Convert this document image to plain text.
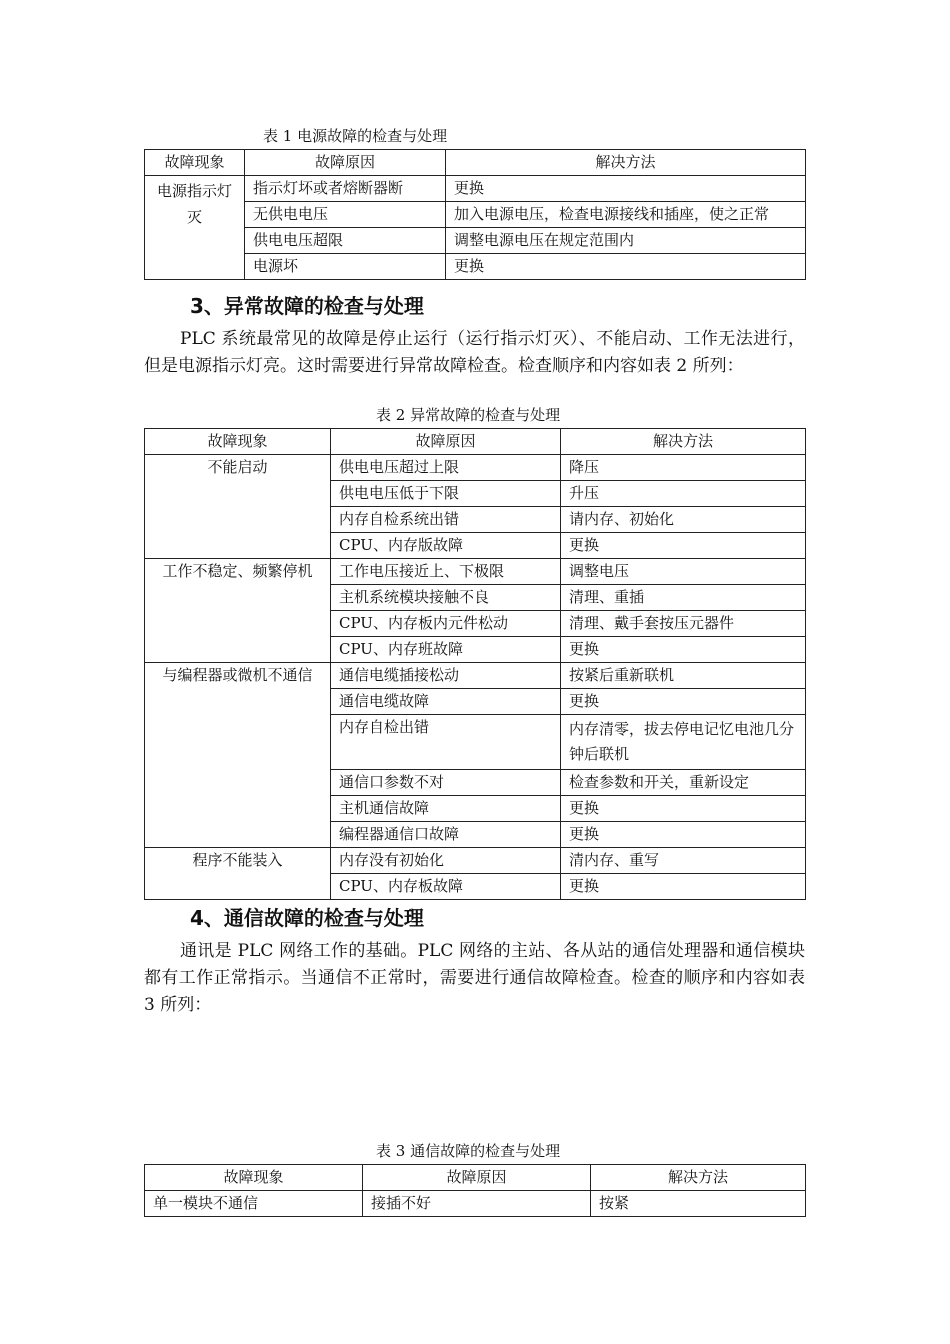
表 1 电源故障的检查与处理
故障现象	故障原因	解决方法
电源指示灯灭	指示灯坏或者熔断器断	更换
	无供电电压	加入电源电压，检查电源接线和插座，使之正常
	供电电压超限	调整电源电压在规定范围内
	电源坏	更换
3、异常故障的检查与处理
PLC 系统最常见的故障是停止运行（运行指示灯灭）、不能启动、工作无法进行，但是电源指示灯亮。这时需要进行异常故障检查。检查顺序和内容如表 2 所列：
表 2 异常故障的检查与处理
故障现象	故障原因	解决方法
不能启动	供电电压超过上限	降压
	供电电压低于下限	升压
	内存自检系统出错	请内存、初始化
	CPU、内存版故障	更换
工作不稳定、频繁停机	工作电压接近上、下极限	调整电压
	主机系统模块接触不良	清理、重插
	CPU、内存板内元件松动	清理、戴手套按压元器件
	CPU、内存班故障	更换
与编程器或微机不通信	通信电缆插接松动	按紧后重新联机
	通信电缆故障	更换
	内存自检出错	内存清零，拔去停电记忆电池几分钟后联机

	通信口参数不对	检查参数和开关，重新设定
	主机通信故障	更换
	编程器通信口故障	更换
程序不能装入	内存没有初始化	清内存、重写
	CPU、内存板故障	更换
4、通信故障的检查与处理
通讯是 PLC 网络工作的基础。PLC 网络的主站、各从站的通信处理器和通信模块都有工作正常指示。当通信不正常时，需要进行通信故障检查。检查的顺序和内容如表 3 所列：
表 3 通信故障的检查与处理
故障现象	故障原因	解决方法
单一模块不通信	接插不好	按紧
